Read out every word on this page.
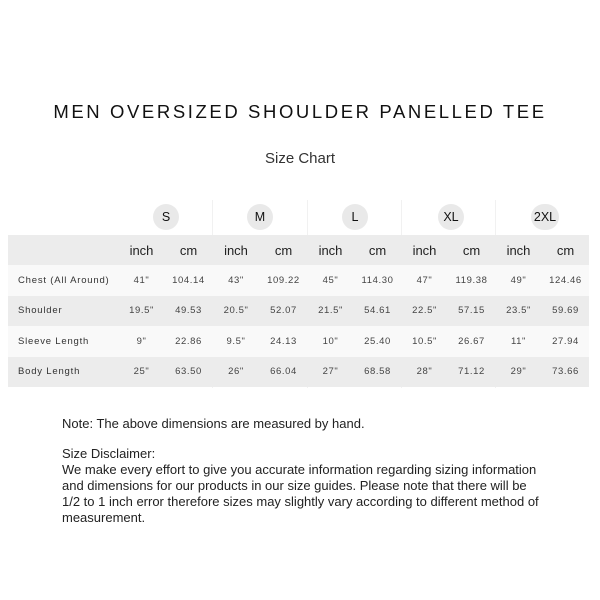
MEN OVERSIZED SHOULDER PANELLED TEE
Size Chart
S	M	L	XL	2XL
	inch	cm	inch	cm	inch	cm	inch	cm	inch	cm
Chest (All Around)	41"	104.14	43"	109.22	45"	114.30	47"	119.38	49"	124.46
Shoulder	19.5"	49.53	20.5"	52.07	21.5"	54.61	22.5"	57.15	23.5"	59.69
Sleeve Length	9"	22.86	9.5"	24.13	10"	25.40	10.5"	26.67	11"	27.94
Body Length	25"	63.50	26"	66.04	27"	68.58	28"	71.12	29"	73.66

Note: The above dimensions are measured by hand.

Size Disclaimer:

We make every effort to give you accurate information regarding sizing information and dimensions for our products in our size guides. Please note that there will be 1/2 to 1 inch error therefore sizes may slightly vary according to different method of measurement.
